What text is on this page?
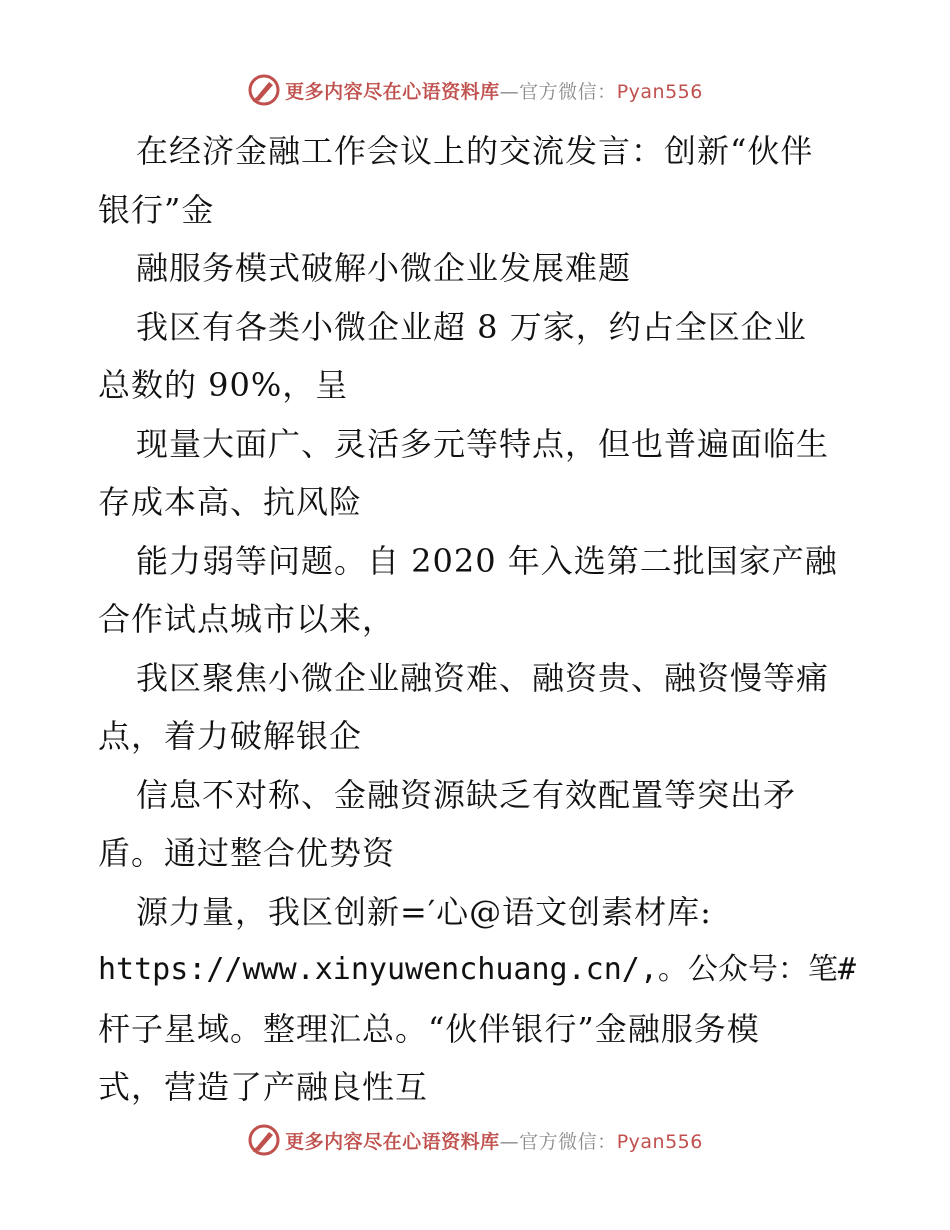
更多内容尽在心语资料库—官方微信：Pyan556
在经济金融工作会议上的交流发言：创新“伙伴
银行”金
融服务模式破解小微企业发展难题
我区有各类小微企业超 8 万家，约占全区企业
总数的 90%，呈
现量大面广、灵活多元等特点，但也普遍面临生
存成本高、抗风险
能力弱等问题。自 2020 年入选第二批国家产融
合作试点城市以来，
我区聚焦小微企业融资难、融资贵、融资慢等痛
点，着力破解银企
信息不对称、金融资源缺乏有效配置等突出矛
盾。通过整合优势资
源力量，我区创新=′心@语文创素材库:
https://www.xinyuwenchuang.cn/,。公众号：笔#
杆子星域。整理汇总。“伙伴银行”金融服务模
式，营造了产融良性互
更多内容尽在心语资料库—官方微信：Pyan556
